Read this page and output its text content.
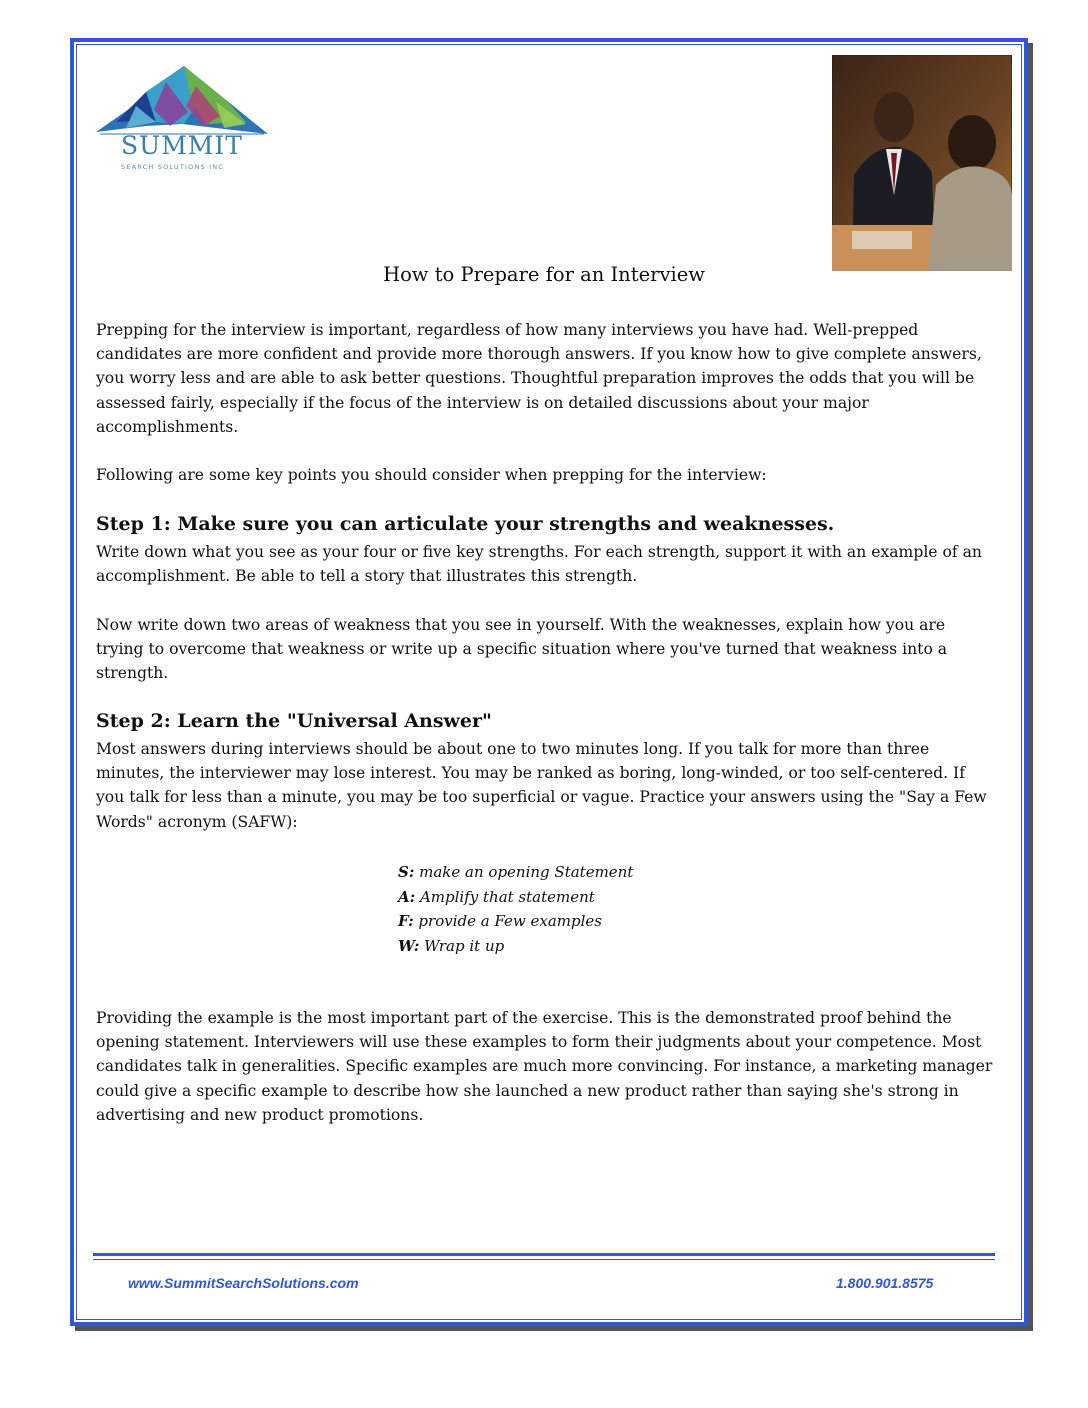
SUMMIT
SEARCH SOLUTIONS INC
How to Prepare for an Interview

Prepping for the interview is important, regardless of how many interviews you have had. Well-prepped candidates are more confident and provide more thorough answers. If you know how to give complete answers, you worry less and are able to ask better questions. Thoughtful preparation improves the odds that you will be assessed fairly, especially if the focus of the interview is on detailed discussions about your major accomplishments.

Following are some key points you should consider when prepping for the interview:

Step 1: Make sure you can articulate your strengths and weaknesses.

Write down what you see as your four or five key strengths. For each strength, support it with an example of an accomplishment. Be able to tell a story that illustrates this strength.

Now write down two areas of weakness that you see in yourself. With the weaknesses, explain how you are trying to overcome that weakness or write up a specific situation where you've turned that weakness into a strength.

Step 2: Learn the "Universal Answer"

Most answers during interviews should be about one to two minutes long. If you talk for more than three minutes, the interviewer may lose interest. You may be ranked as boring, long-winded, or too self-centered. If you talk for less than a minute, you may be too superficial or vague. Practice your answers using the "Say a Few Words" acronym (SAFW):

S: make an opening Statement
A: Amplify that statement
F: provide a Few examples
W: Wrap it up

Providing the example is the most important part of the exercise. This is the demonstrated proof behind the opening statement. Interviewers will use these examples to form their judgments about your competence. Most candidates talk in generalities. Specific examples are much more convincing. For instance, a marketing manager could give a specific example to describe how she launched a new product rather than saying she's strong in advertising and new product promotions.

www.SummitSearchSolutions.com	1.800.901.8575
